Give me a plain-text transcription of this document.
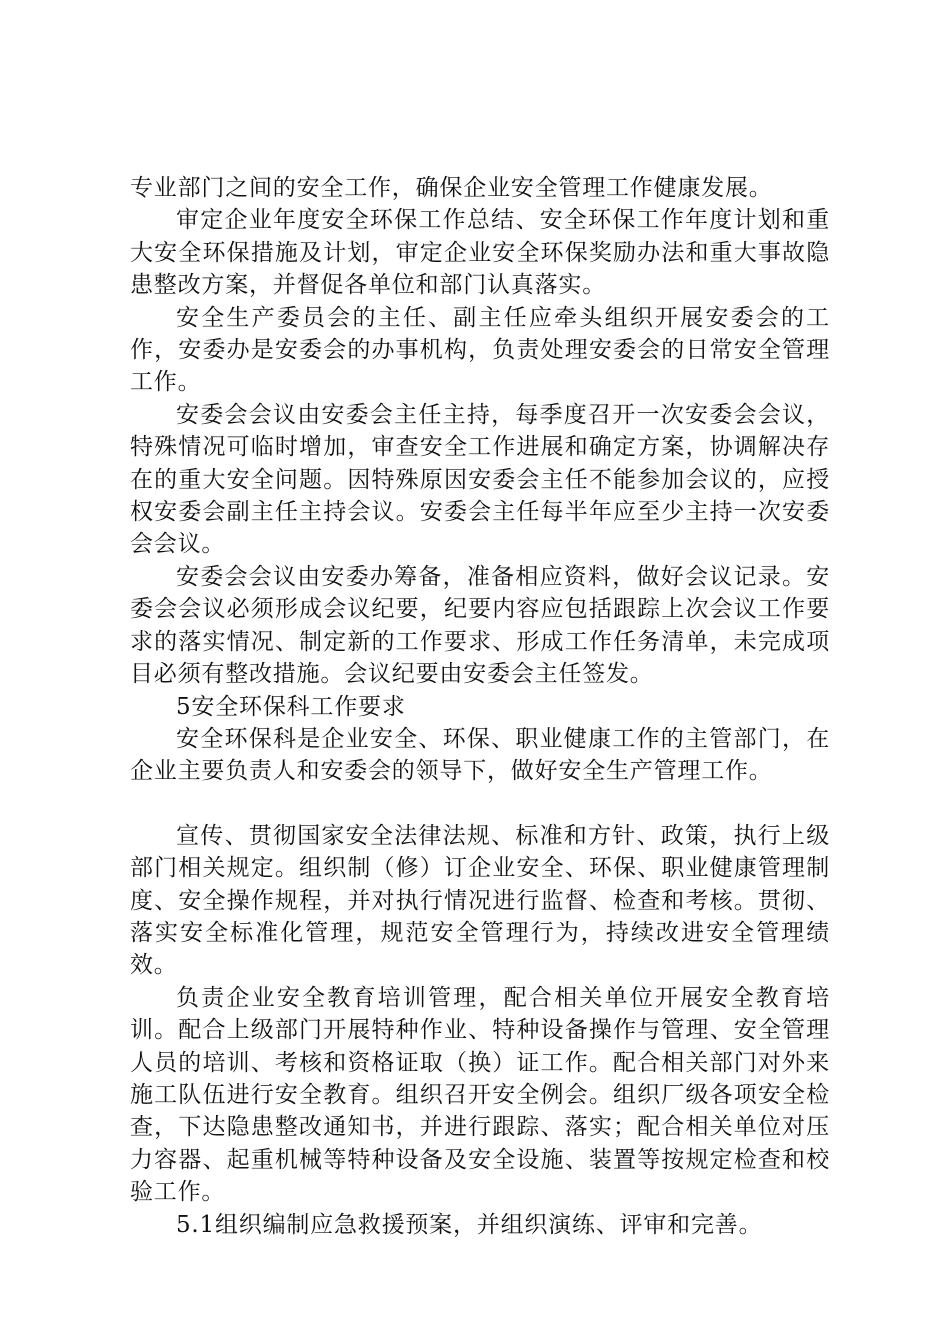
专业部门之间的安全工作，确保企业安全管理工作健康发展。

审定企业年度安全环保工作总结、安全环保工作年度计划和重大安全环保措施及计划，审定企业安全环保奖励办法和重大事故隐患整改方案，并督促各单位和部门认真落实。

安全生产委员会的主任、副主任应牵头组织开展安委会的工作，安委办是安委会的办事机构，负责处理安委会的日常安全管理工作。

安委会会议由安委会主任主持，每季度召开一次安委会会议，特殊情况可临时增加，审查安全工作进展和确定方案，协调解决存在的重大安全问题。因特殊原因安委会主任不能参加会议的，应授权安委会副主任主持会议。安委会主任每半年应至少主持一次安委会会议。

安委会会议由安委办筹备，准备相应资料，做好会议记录。安委会会议必须形成会议纪要，纪要内容应包括跟踪上次会议工作要求的落实情况、制定新的工作要求、形成工作任务清单，未完成项目必须有整改措施。会议纪要由安委会主任签发。

5安全环保科工作要求

安全环保科是企业安全、环保、职业健康工作的主管部门，在企业主要负责人和安委会的领导下，做好安全生产管理工作。

宣传、贯彻国家安全法律法规、标准和方针、政策，执行上级部门相关规定。组织制（修）订企业安全、环保、职业健康管理制度、安全操作规程，并对执行情况进行监督、检查和考核。贯彻、落实安全标准化管理，规范安全管理行为，持续改进安全管理绩效。

负责企业安全教育培训管理，配合相关单位开展安全教育培训。配合上级部门开展特种作业、特种设备操作与管理、安全管理人员的培训、考核和资格证取（换）证工作。配合相关部门对外来施工队伍进行安全教育。组织召开安全例会。组织厂级各项安全检查，下达隐患整改通知书，并进行跟踪、落实；配合相关单位对压力容器、起重机械等特种设备及安全设施、装置等按规定检查和校验工作。

5.1组织编制应急救援预案，并组织演练、评审和完善。
